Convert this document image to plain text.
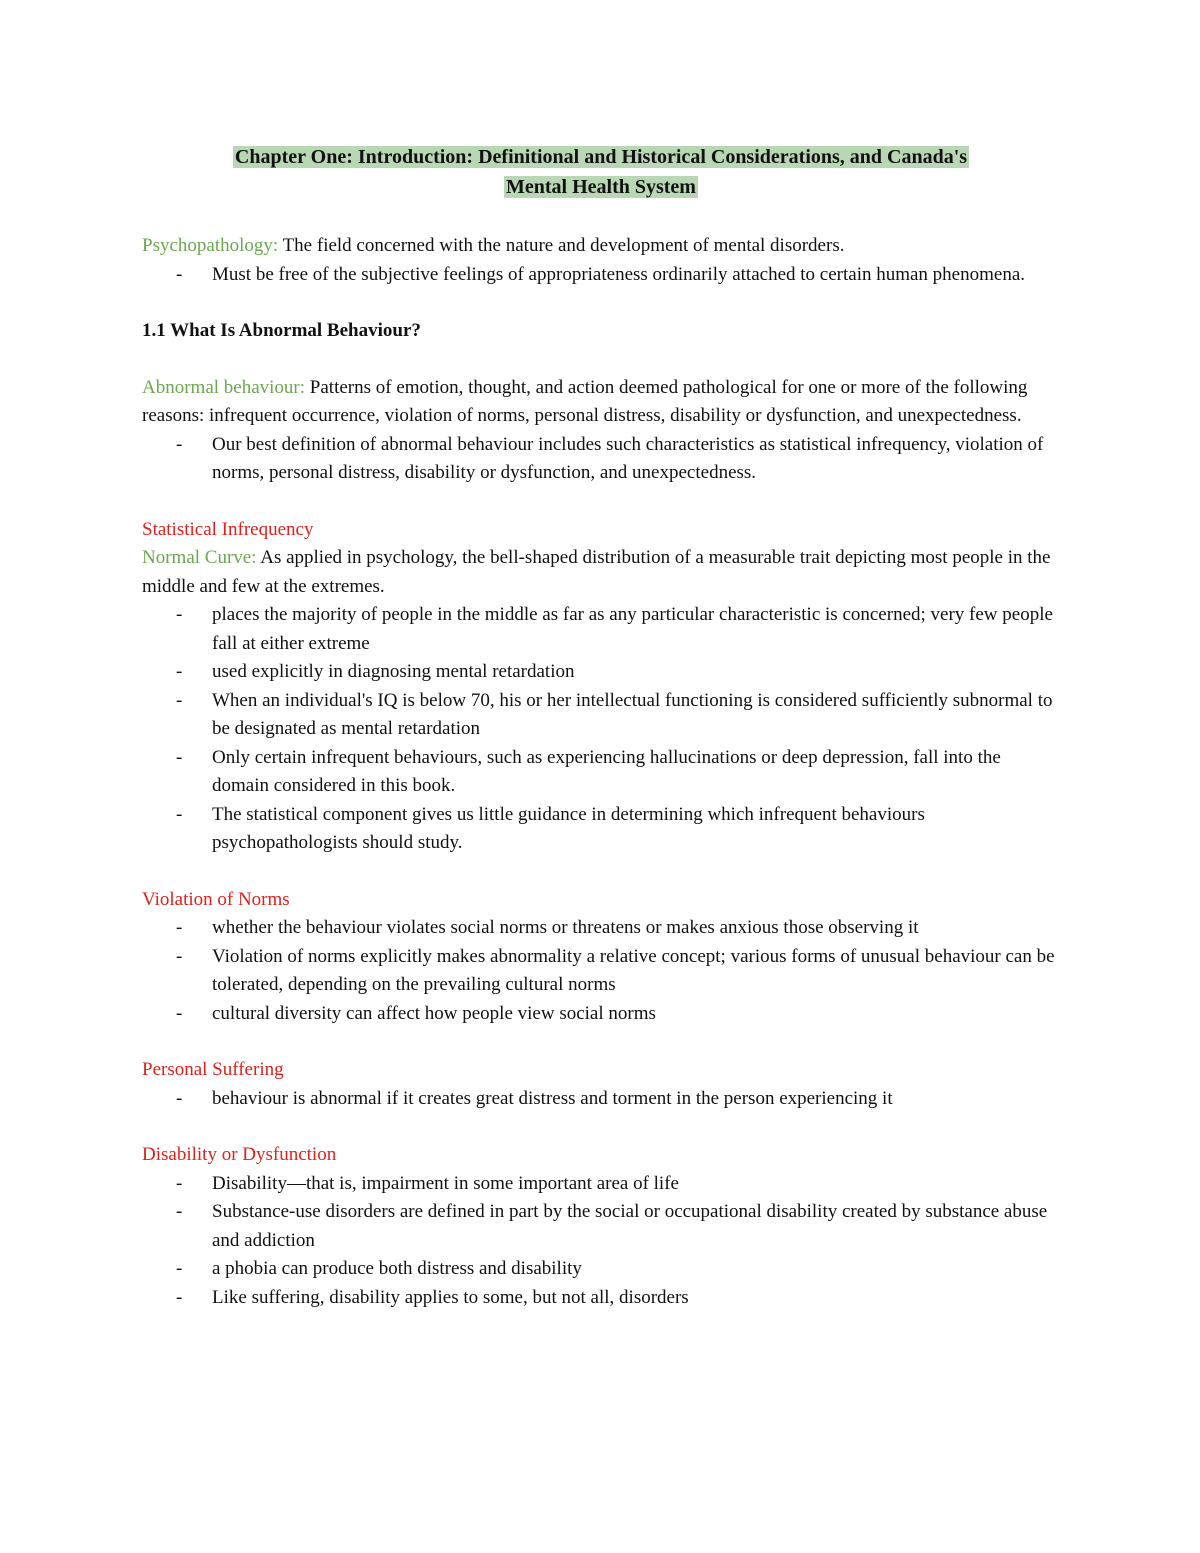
Chapter One: Introduction: Definitional and Historical Considerations, and Canada's
Mental Health System

Psychopathology: The field concerned with the nature and development of mental disorders.

- Must be free of the subjective feelings of appropriateness ordinarily attached to certain human phenomena.

1.1 What Is Abnormal Behaviour?

Abnormal behaviour: Patterns of emotion, thought, and action deemed pathological for one or more of the following reasons: infrequent occurrence, violation of norms, personal distress, disability or dysfunction, and unexpectedness.

- Our best definition of abnormal behaviour includes such characteristics as statistical infrequency, violation of norms, personal distress, disability or dysfunction, and unexpectedness.

Statistical Infrequency

Normal Curve: As applied in psychology, the bell-shaped distribution of a measurable trait depicting most people in the middle and few at the extremes.

- places the majority of people in the middle as far as any particular characteristic is concerned; very few people fall at either extreme
- used explicitly in diagnosing mental retardation
- When an individual's IQ is below 70, his or her intellectual functioning is considered sufficiently subnormal to be designated as mental retardation
- Only certain infrequent behaviours, such as experiencing hallucinations or deep depression, fall into the domain considered in this book.
- The statistical component gives us little guidance in determining which infrequent behaviours psychopathologists should study.

Violation of Norms

- whether the behaviour violates social norms or threatens or makes anxious those observing it
- Violation of norms explicitly makes abnormality a relative concept; various forms of unusual behaviour can be tolerated, depending on the prevailing cultural norms
- cultural diversity can affect how people view social norms

Personal Suffering

- behaviour is abnormal if it creates great distress and torment in the person experiencing it

Disability or Dysfunction

- Disability—that is, impairment in some important area of life
- Substance-use disorders are defined in part by the social or occupational disability created by substance abuse and addiction
- a phobia can produce both distress and disability
- Like suffering, disability applies to some, but not all, disorders
